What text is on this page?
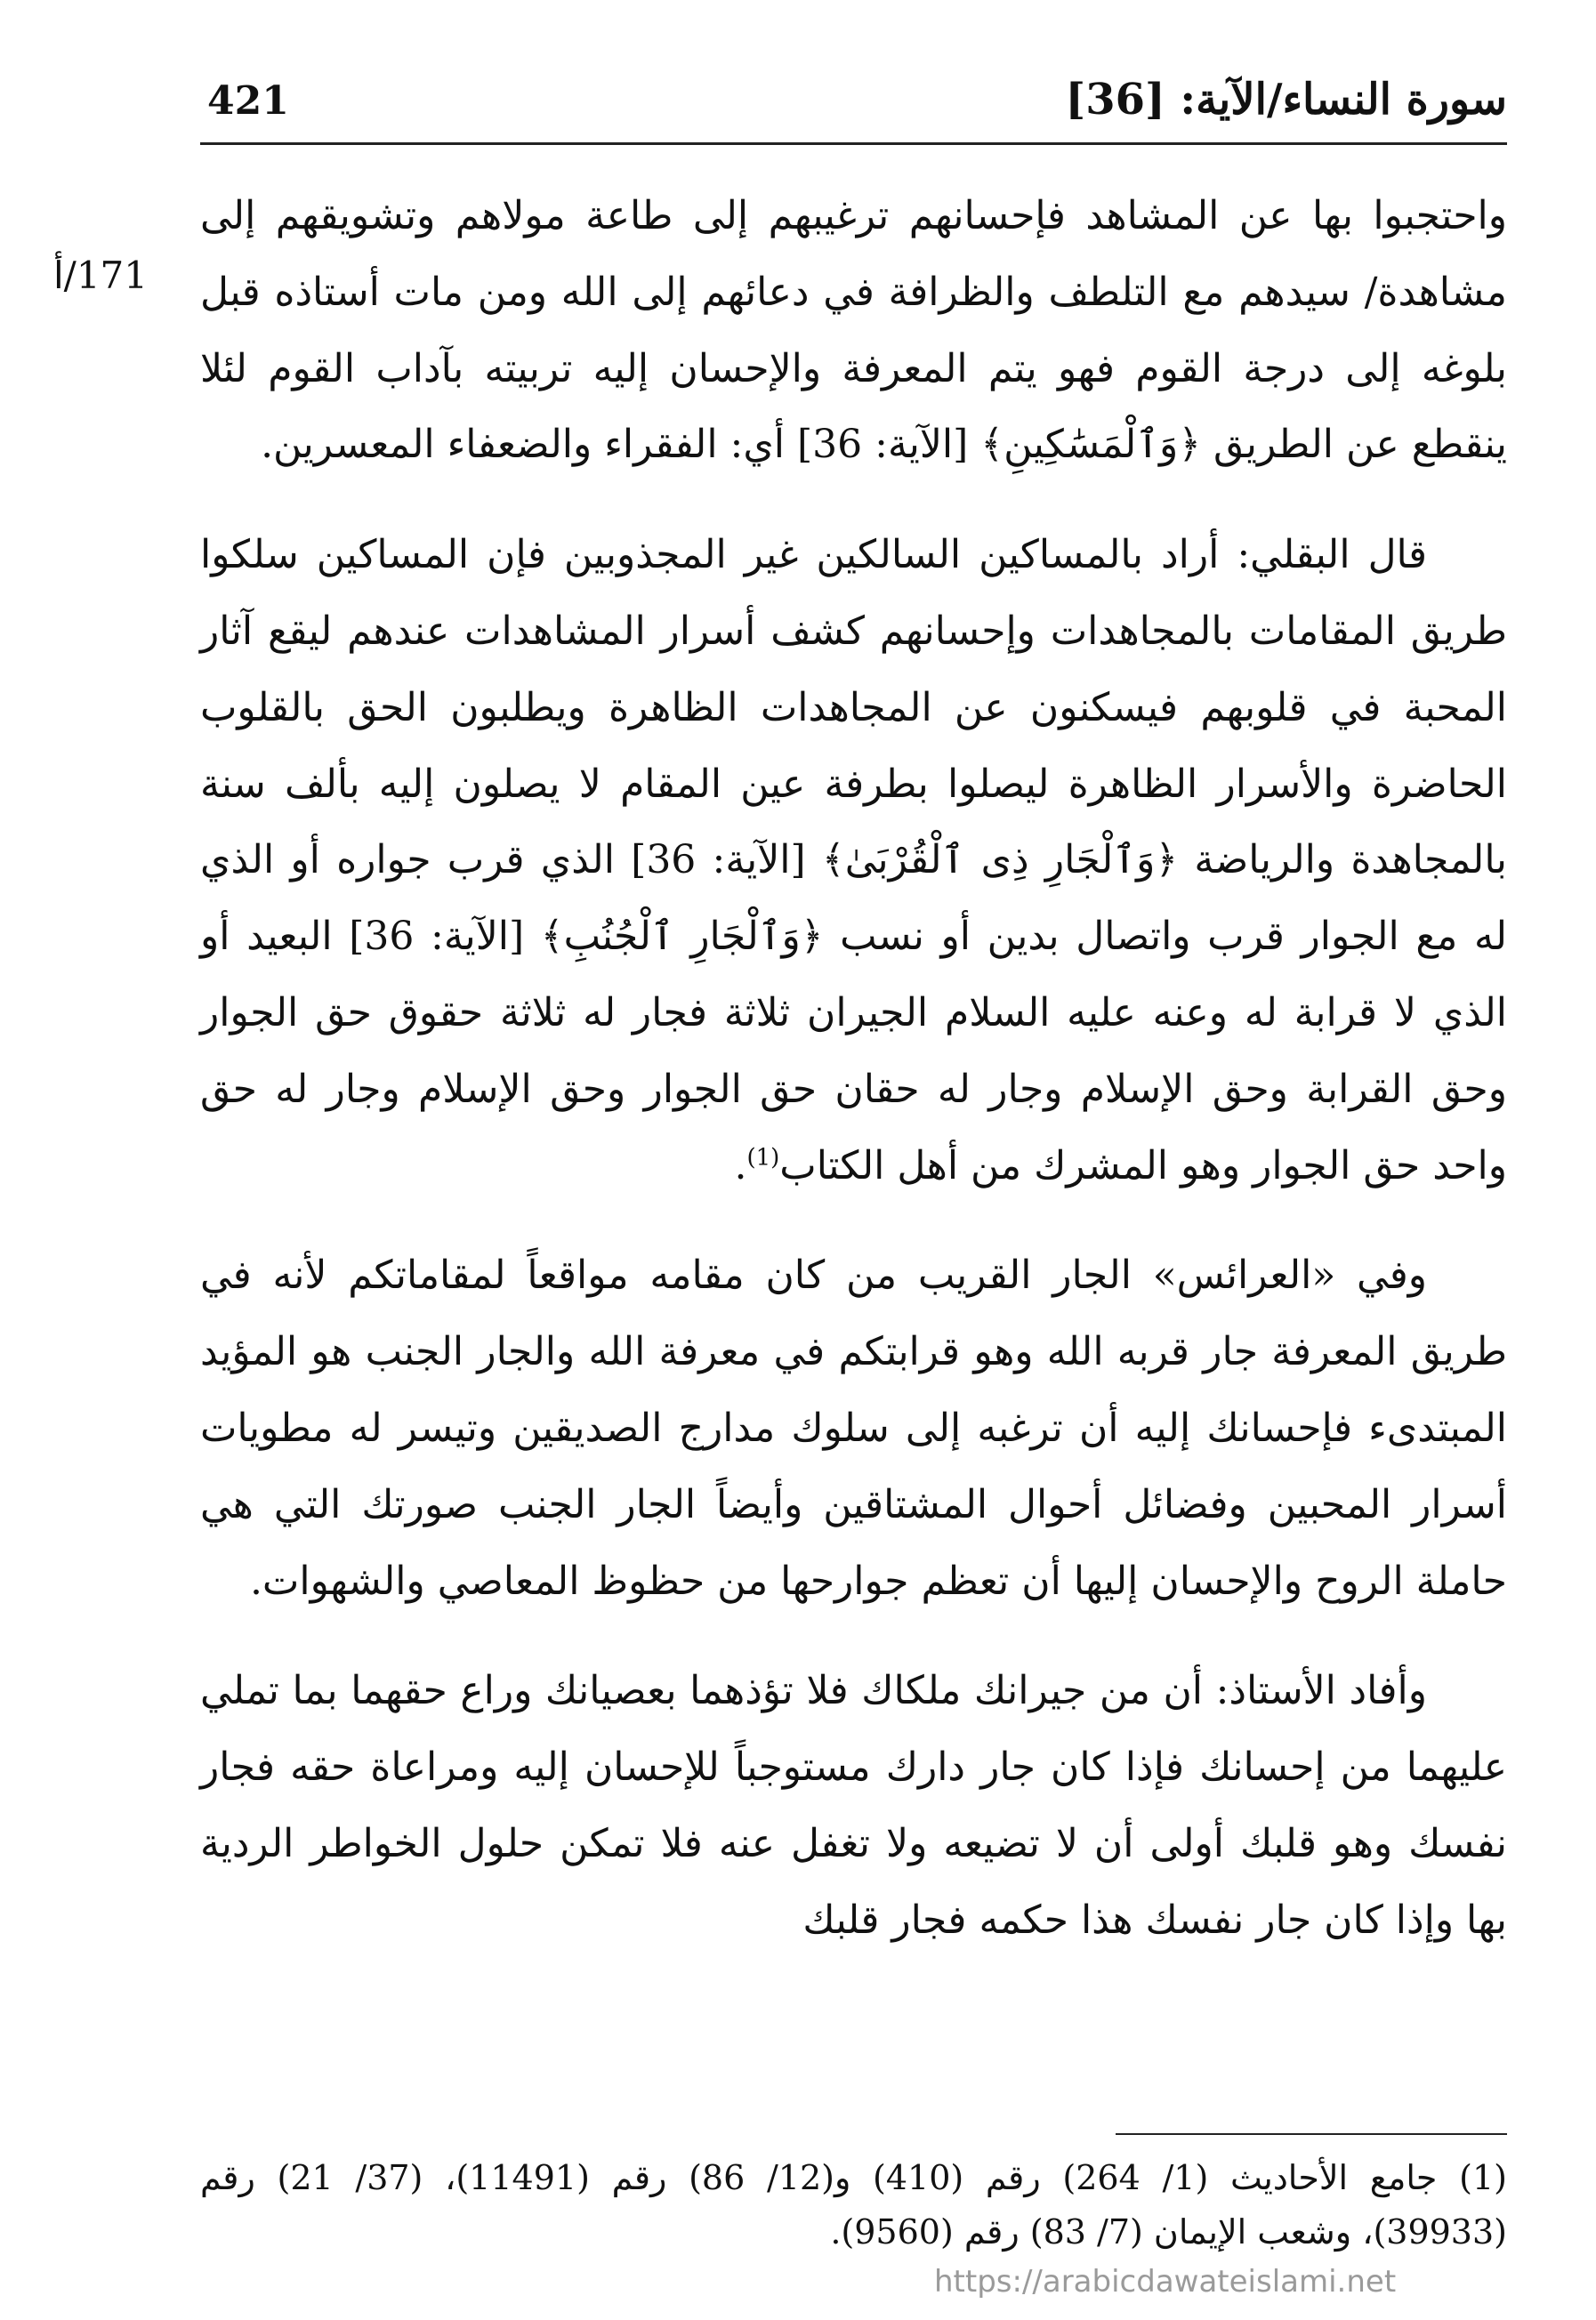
421	سورة النساء/الآية: [36]
171/أ

واحتجبوا بها عن المشاهد فإحسانهم ترغيبهم إلى طاعة مولاهم وتشويقهم إلى مشاهدة/ سيدهم مع التلطف والظرافة في دعائهم إلى الله ومن مات أستاذه قبل بلوغه إلى درجة القوم فهو يتم المعرفة والإحسان إليه تربيته بآداب القوم لئلا ينقطع عن الطريق ﴿وَٱلْمَسَٰكِينِ﴾ [الآية: 36] أي: الفقراء والضعفاء المعسرين.

قال البقلي: أراد بالمساكين السالكين غير المجذوبين فإن المساكين سلكوا طريق المقامات بالمجاهدات وإحسانهم كشف أسرار المشاهدات عندهم ليقع آثار المحبة في قلوبهم فيسكنون عن المجاهدات الظاهرة ويطلبون الحق بالقلوب الحاضرة والأسرار الظاهرة ليصلوا بطرفة عين المقام لا يصلون إليه بألف سنة بالمجاهدة والرياضة ﴿وَٱلْجَارِ ذِى ٱلْقُرْبَىٰ﴾ [الآية: 36] الذي قرب جواره أو الذي له مع الجوار قرب واتصال بدين أو نسب ﴿وَٱلْجَارِ ٱلْجُنُبِ﴾ [الآية: 36] البعيد أو الذي لا قرابة له وعنه عليه السلام الجيران ثلاثة فجار له ثلاثة حقوق حق الجوار وحق القرابة وحق الإسلام وجار له حقان حق الجوار وحق الإسلام وجار له حق واحد حق الجوار وهو المشرك من أهل الكتاب$^{(1)}$.

وفي «العرائس» الجار القريب من كان مقامه مواقعاً لمقاماتكم لأنه في طريق المعرفة جار قربه الله وهو قرابتكم في معرفة الله والجار الجنب هو المؤيد المبتدىء فإحسانك إليه أن ترغبه إلى سلوك مدارج الصديقين وتيسر له مطويات أسرار المحبين وفضائل أحوال المشتاقين وأيضاً الجار الجنب صورتك التي هي حاملة الروح والإحسان إليها أن تعظم جوارحها من حظوظ المعاصي والشهوات.

وأفاد الأستاذ: أن من جيرانك ملكاك فلا تؤذهما بعصيانك وراع حقهما بما تملي عليهما من إحسانك فإذا كان جار دارك مستوجباً للإحسان إليه ومراعاة حقه فجار نفسك وهو قلبك أولى أن لا تضيعه ولا تغفل عنه فلا تمكن حلول الخواطر الردية بها وإذا كان جار نفسك هذا حكمه فجار قلبك

(1) جامع الأحاديث (1/ 264) رقم (410) و(12/ 86) رقم (11491)، (37/ 21) رقم (39933)، وشعب الإيمان (7/ 83) رقم (9560).
https://arabicdawateislami.net
